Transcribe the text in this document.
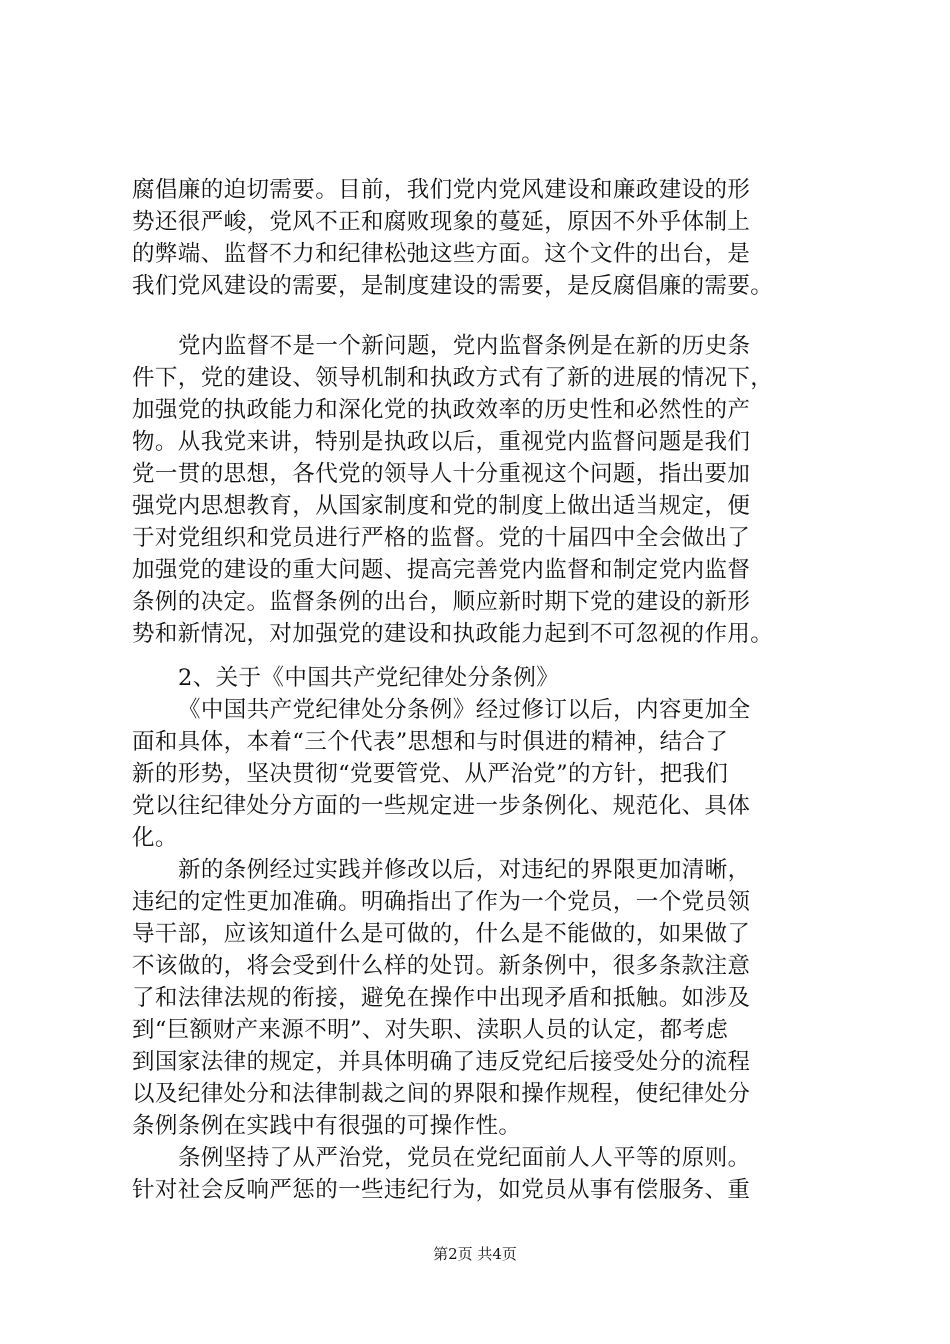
腐倡廉的迫切需要。目前，我们党内党风建设和廉政建设的形
势还很严峻，党风不正和腐败现象的蔓延，原因不外乎体制上
的弊端、监督不力和纪律松弛这些方面。这个文件的出台，是
我们党风建设的需要，是制度建设的需要，是反腐倡廉的需要。
党内监督不是一个新问题，党内监督条例是在新的历史条
件下，党的建设、领导机制和执政方式有了新的进展的情况下，
加强党的执政能力和深化党的执政效率的历史性和必然性的产
物。从我党来讲，特别是执政以后，重视党内监督问题是我们
党一贯的思想，各代党的领导人十分重视这个问题，指出要加
强党内思想教育，从国家制度和党的制度上做出适当规定，便
于对党组织和党员进行严格的监督。党的十届四中全会做出了
加强党的建设的重大问题、提高完善党内监督和制定党内监督
条例的决定。监督条例的出台，顺应新时期下党的建设的新形
势和新情况，对加强党的建设和执政能力起到不可忽视的作用。
2、关于《中国共产党纪律处分条例》
《中国共产党纪律处分条例》经过修订以后，内容更加全
面和具体，本着“三个代表”思想和与时俱进的精神，结合了
新的形势，坚决贯彻“党要管党、从严治党”的方针，把我们
党以往纪律处分方面的一些规定进一步条例化、规范化、具体
化。
新的条例经过实践并修改以后，对违纪的界限更加清晰，
违纪的定性更加准确。明确指出了作为一个党员，一个党员领
导干部，应该知道什么是可做的，什么是不能做的，如果做了
不该做的，将会受到什么样的处罚。新条例中，很多条款注意
了和法律法规的衔接，避免在操作中出现矛盾和抵触。如涉及
到“巨额财产来源不明”、对失职、渎职人员的认定，都考虑
到国家法律的规定，并具体明确了违反党纪后接受处分的流程
以及纪律处分和法律制裁之间的界限和操作规程，使纪律处分
条例条例在实践中有很强的可操作性。
条例坚持了从严治党，党员在党纪面前人人平等的原则。
针对社会反响严惩的一些违纪行为，如党员从事有偿服务、重
第2页 共4页
